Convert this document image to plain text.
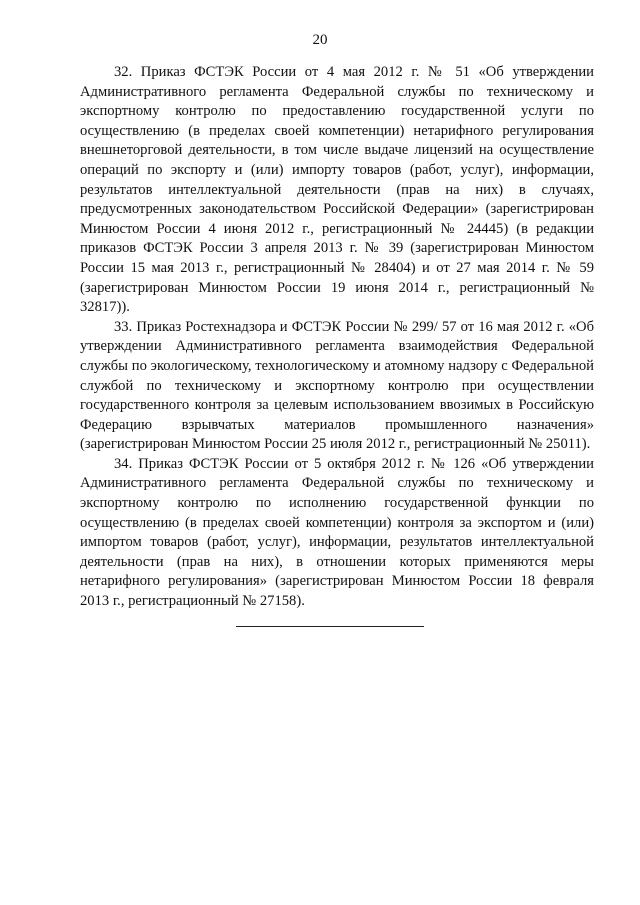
20

32. Приказ ФСТЭК России от 4 мая 2012 г. № 51 «Об утверждении Административного регламента Федеральной службы по техническому и экспортному контролю по предоставлению государственной услуги по осуществлению (в пределах своей компетенции) нетарифного регулирования внешнеторговой деятельности, в том числе выдаче лицензий на осуществление операций по экспорту и (или) импорту товаров (работ, услуг), информации, результатов интеллектуальной деятельности (прав на них) в случаях, предусмотренных законодательством Российской Федерации» (зарегистрирован Минюстом России 4 июня 2012 г., регистрационный № 24445) (в редакции приказов ФСТЭК России 3 апреля 2013 г. № 39 (зарегистрирован Минюстом России 15 мая 2013 г., регистрационный № 28404) и от 27 мая 2014 г. № 59 (зарегистрирован Минюстом России 19 июня 2014 г., регистрационный № 32817)).

33. Приказ Ростехнадзора и ФСТЭК России № 299/ 57 от 16 мая 2012 г. «Об утверждении Административного регламента взаимодействия Федеральной службы по экологическому, технологическому и атомному надзору с Федеральной службой по техническому и экспортному контролю при осуществлении государственного контроля за целевым использованием ввозимых в Российскую Федерацию взрывчатых материалов промышленного назначения» (зарегистрирован Минюстом России 25 июля 2012 г., регистрационный № 25011).

34. Приказ ФСТЭК России от 5 октября 2012 г. № 126 «Об утверждении Административного регламента Федеральной службы по техническому и экспортному контролю по исполнению государственной функции по осуществлению (в пределах своей компетенции) контроля за экспортом и (или) импортом товаров (работ, услуг), информации, результатов интеллектуальной деятельности (прав на них), в отношении которых применяются меры нетарифного регулирования» (зарегистрирован Минюстом России 18 февраля 2013 г., регистрационный № 27158).
